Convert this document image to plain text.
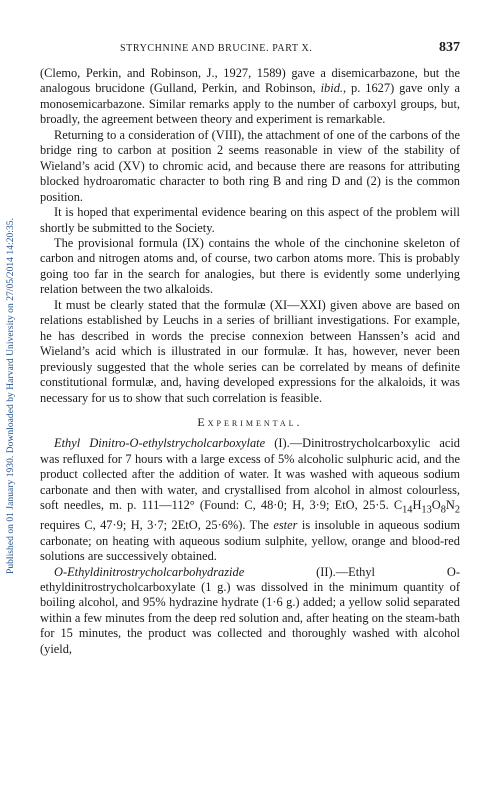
Published on 01 January 1930. Downloaded by Harvard University on 27/05/2014 14:20:35.
STRYCHNINE AND BRUCINE. PART X.	837

(Clemo, Perkin, and Robinson, J., 1927, 1589) gave a disemicarbazone, but the analogous brucidone (Gulland, Perkin, and Robinson, ibid., p. 1627) gave only a monosemicarbazone. Similar remarks apply to the number of carboxyl groups, but, broadly, the agreement between theory and experiment is remarkable.

Returning to a consideration of (VIII), the attachment of one of the carbons of the bridge ring to carbon at position 2 seems reasonable in view of the stability of Wieland’s acid (XV) to chromic acid, and because there are reasons for attributing blocked hydroaromatic character to both ring B and ring D and (2) is the common position.

It is hoped that experimental evidence bearing on this aspect of the problem will shortly be submitted to the Society.

The provisional formula (IX) contains the whole of the cinchonine skeleton of carbon and nitrogen atoms and, of course, two carbon atoms more. This is probably going too far in the search for analogies, but there is evidently some underlying relation between the two alkaloids.

It must be clearly stated that the formulæ (XI—XXI) given above are based on relations established by Leuchs in a series of brilliant investigations. For example, he has described in words the precise connexion between Hanssen’s acid and Wieland’s acid which is illustrated in our formulæ. It has, however, never been previously suggested that the whole series can be correlated by means of definite constitutional formulæ, and, having developed expressions for the alkaloids, it was necessary for us to show that such correlation is feasible.

Experimental.

Ethyl Dinitro-O-ethylstrycholcarboxylate (I).—Dinitrostrycholcarboxylic acid was refluxed for 7 hours with a large excess of 5% alcoholic sulphuric acid, and the product collected after the addition of water. It was washed with aqueous sodium carbonate and then with water, and crystallised from alcohol in almost colourless, soft needles, m. p. 111—112° (Found: C, 48·0; H, 3·9; EtO, 25·5. $C_{14}H_{13}O_8N_2$ requires C, 47·9; H, 3·7; 2EtO, 25·6%). The ester is insoluble in aqueous sodium carbonate; on heating with aqueous sodium sulphite, yellow, orange and blood-red solutions are successively obtained.

O-Ethyldinitrostrycholcarbohydrazide (II).—Ethyl O-ethyldinitrostrycholcarboxylate (1 g.) was dissolved in the minimum quantity of boiling alcohol, and 95% hydrazine hydrate (1·6 g.) added; a yellow solid separated within a few minutes from the deep red solution and, after heating on the steam-bath for 15 minutes, the product was collected and thoroughly washed with alcohol (yield,
